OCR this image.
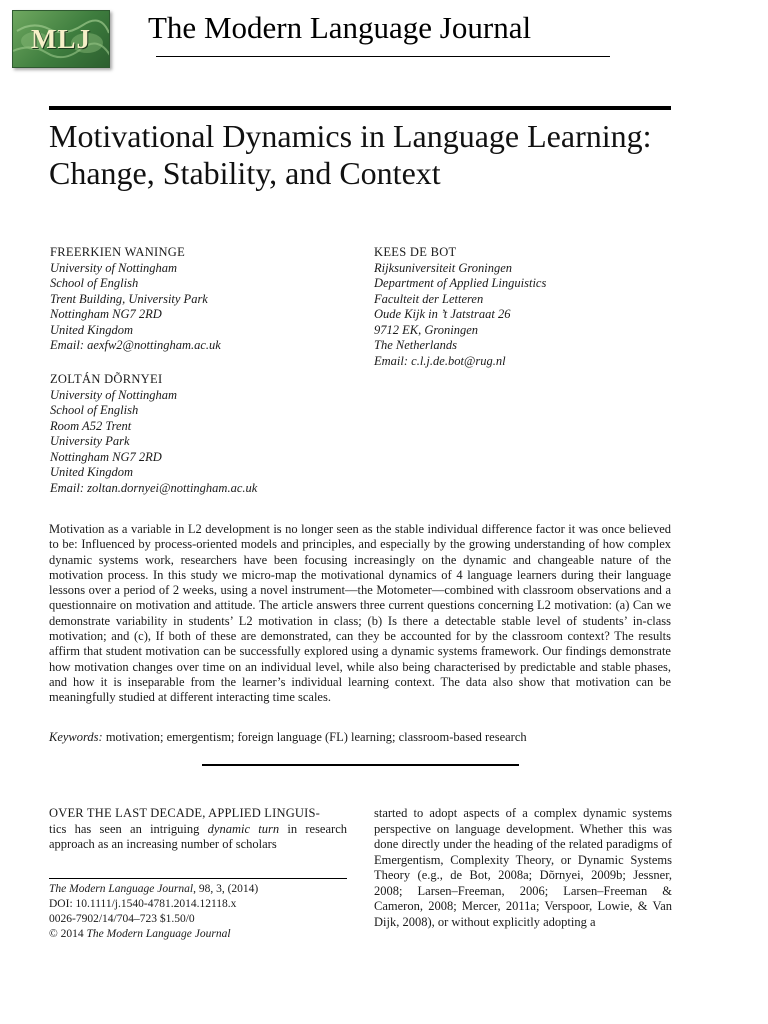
MLJ The Modern Language Journal
Motivational Dynamics in Language Learning: Change, Stability, and Context
FREERKIEN WANINGE
University of Nottingham
School of English
Trent Building, University Park
Nottingham NG7 2RD
United Kingdom
Email: aexfw2@nottingham.ac.uk
KEES DE BOT
Rijksuniversiteit Groningen
Department of Applied Linguistics
Faculteit der Letteren
Oude Kijk in ’t Jatstraat 26
9712 EK, Groningen
The Netherlands
Email: c.l.j.de.bot@rug.nl
ZOLTÁN DÕRNYEI
University of Nottingham
School of English
Room A52 Trent
University Park
Nottingham NG7 2RD
United Kingdom
Email: zoltan.dornyei@nottingham.ac.uk
Motivation as a variable in L2 development is no longer seen as the stable individual difference factor it was once believed to be: Influenced by process-oriented models and principles, and especially by the growing understanding of how complex dynamic systems work, researchers have been focusing increasingly on the dynamic and changeable nature of the motivation process. In this study we micro-map the motivational dynamics of 4 language learners during their language lessons over a period of 2 weeks, using a novel instrument—the Motometer—combined with classroom observations and a questionnaire on motivation and attitude. The article answers three current questions concerning L2 motivation: (a) Can we demonstrate variability in students’ L2 motivation in class; (b) Is there a detectable stable level of students’ in-class motivation; and (c), If both of these are demonstrated, can they be accounted for by the classroom context? The results affirm that student motivation can be successfully explored using a dynamic systems framework. Our findings demonstrate how motivation changes over time on an individual level, while also being characterised by predictable and stable phases, and how it is inseparable from the learner’s individual learning context. The data also show that motivation can be meaningfully studied at different interacting time scales.
Keywords: motivation; emergentism; foreign language (FL) learning; classroom-based research
OVER THE LAST DECADE, APPLIED LINGUIS-
tics has seen an intriguing dynamic turn in research approach as an increasing number of scholars
started to adopt aspects of a complex dynamic systems perspective on language development. Whether this was done directly under the heading of the related paradigms of Emergentism, Complexity Theory, or Dynamic Systems Theory (e.g., de Bot, 2008a; Dõrnyei, 2009b; Jessner, 2008; Larsen–Freeman, 2006; Larsen–Freeman & Cameron, 2008; Mercer, 2011a; Verspoor, Lowie, & Van Dijk, 2008), or without explicitly adopting a
The Modern Language Journal, 98, 3, (2014)
DOI: 10.1111/j.1540-4781.2014.12118.x
0026-7902/14/704–723 $1.50/0
© 2014 The Modern Language Journal
